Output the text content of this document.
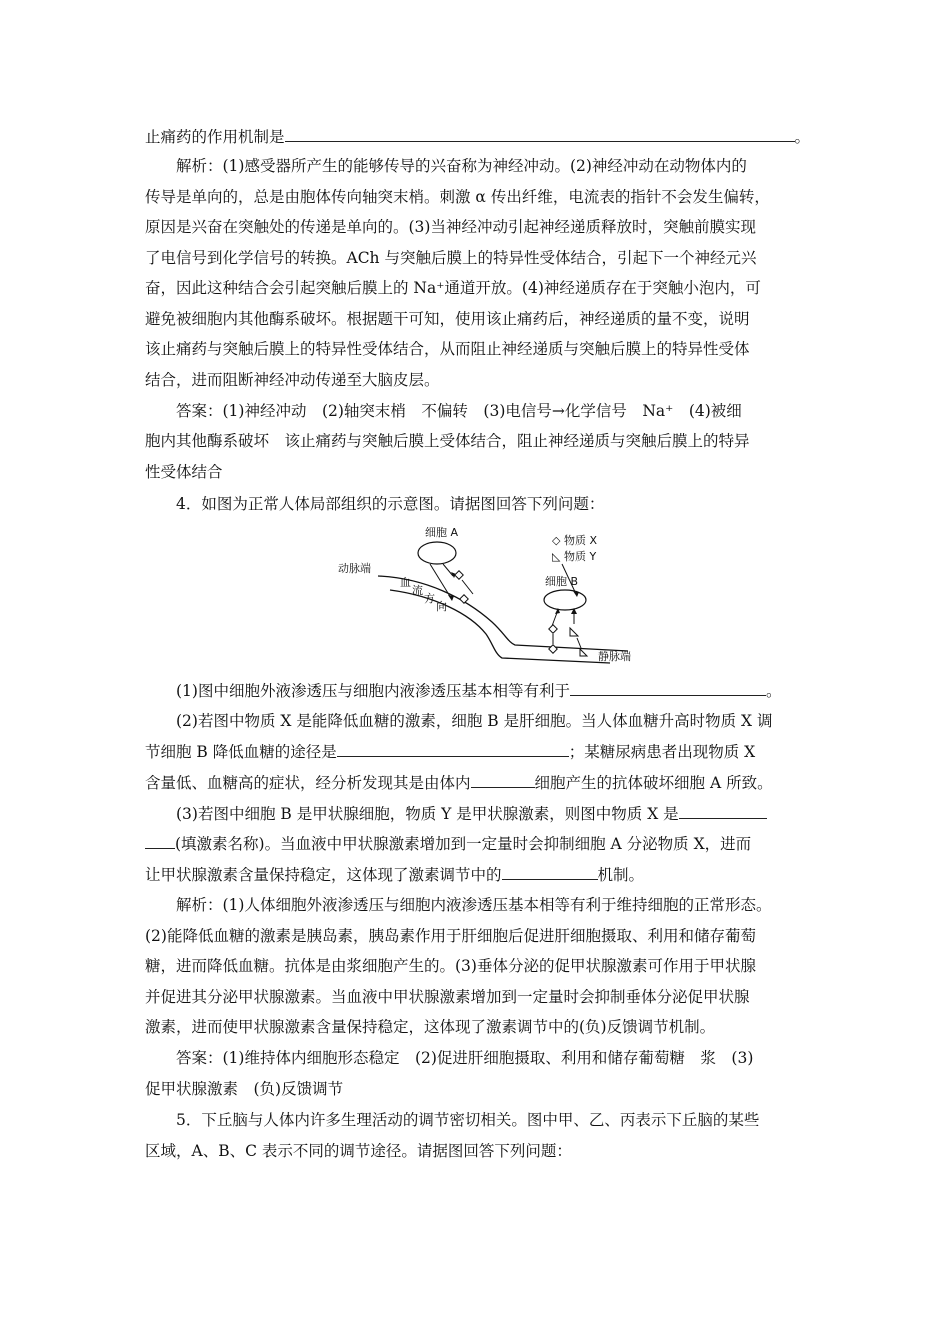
止痛药的作用机制是	。
解析：(1)感受器所产生的能够传导的兴奋称为神经冲动。(2)神经冲动在动物体内的
传导是单向的，总是由胞体传向轴突末梢。刺激 α 传出纤维，电流表的指针不会发生偏转，
原因是兴奋在突触处的传递是单向的。(3)当神经冲动引起神经递质释放时，突触前膜实现
了电信号到化学信号的转换。ACh 与突触后膜上的特异性受体结合，引起下一个神经元兴
奋，因此这种结合会引起突触后膜上的 Na⁺通道开放。(4)神经递质存在于突触小泡内，可
避免被细胞内其他酶系破坏。根据题干可知，使用该止痛药后，神经递质的量不变，说明
该止痛药与突触后膜上的特异性受体结合，从而阻止神经递质与突触后膜上的特异性受体
结合，进而阻断神经冲动传递至大脑皮层。
答案：(1)神经冲动　(2)轴突末梢　不偏转　(3)电信号→化学信号　Na⁺　(4)被细
胞内其他酶系破坏　该止痛药与突触后膜上受体结合，阻止神经递质与突触后膜上的特异
性受体结合
4．如图为正常人体局部组织的示意图。请据图回答下列问题：
细胞 A
◇ 物质 X
◺ 物质 Y
动脉端
血
流
方
向
细胞 B
静脉端
(1)图中细胞外液渗透压与细胞内液渗透压基本相等有利于	。
(2)若图中物质 X 是能降低血糖的激素，细胞 B 是肝细胞。当人体血糖升高时物质 X 调
节细胞 B 降低血糖的途径是	；某糖尿病患者出现物质 X
含量低、血糖高的症状，经分析发现其是由体内	细胞产生的抗体破坏细胞 A 所致。
(3)若图中细胞 B 是甲状腺细胞，物质 Y 是甲状腺激素，则图中物质 X 是
(填激素名称)。当血液中甲状腺激素增加到一定量时会抑制细胞 A 分泌物质 X，进而
让甲状腺激素含量保持稳定，这体现了激素调节中的	机制。
解析：(1)人体细胞外液渗透压与细胞内液渗透压基本相等有利于维持细胞的正常形态。
(2)能降低血糖的激素是胰岛素，胰岛素作用于肝细胞后促进肝细胞摄取、利用和储存葡萄
糖，进而降低血糖。抗体是由浆细胞产生的。(3)垂体分泌的促甲状腺激素可作用于甲状腺
并促进其分泌甲状腺激素。当血液中甲状腺激素增加到一定量时会抑制垂体分泌促甲状腺
激素，进而使甲状腺激素含量保持稳定，这体现了激素调节中的(负)反馈调节机制。
答案：(1)维持体内细胞形态稳定　(2)促进肝细胞摄取、利用和储存葡萄糖　浆　(3)
促甲状腺激素　(负)反馈调节
5．下丘脑与人体内许多生理活动的调节密切相关。图中甲、乙、丙表示下丘脑的某些
区域，A、B、C 表示不同的调节途径。请据图回答下列问题：
